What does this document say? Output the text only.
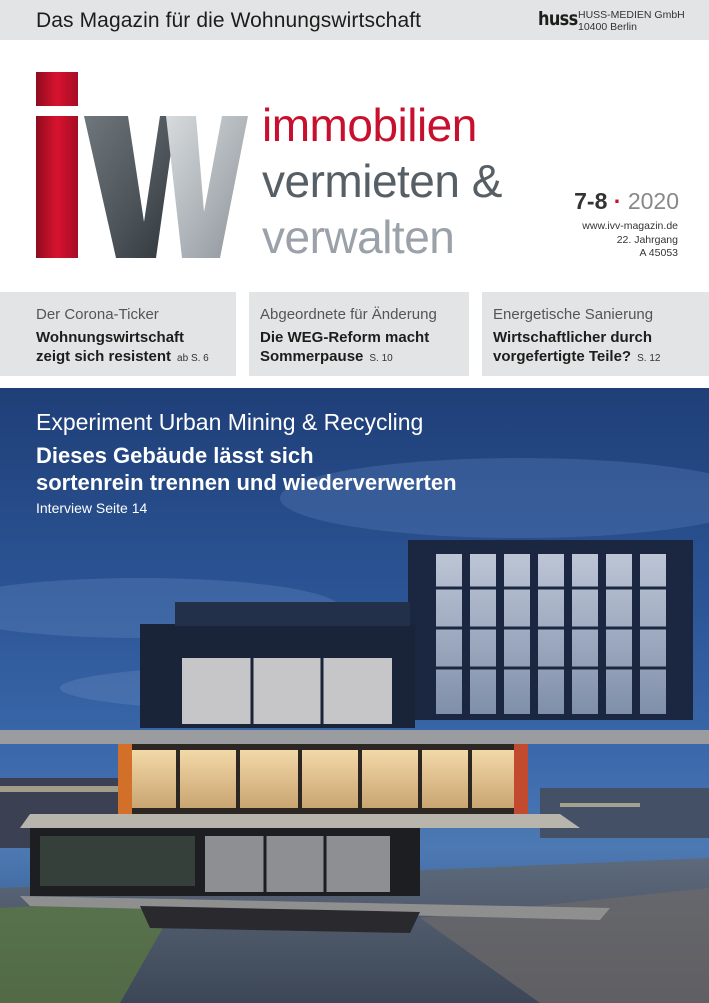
Das Magazin für die Wohnungswirtschaft	huss HUSS-MEDIEN GmbH
10400 Berlin
immobilien
vermieten &
verwalten
7-8 · 2020
www.ivv-magazin.de
22. Jahrgang
A 45053
Der Corona-Ticker
Wohnungswirtschaft
zeigt sich resistent ab S. 6
Abgeordnete für Änderung
Die WEG-Reform macht
Sommerpause S. 10
Energetische Sanierung
Wirtschaftlicher durch
vorgefertigte Teile? S. 12
Experiment Urban Mining & Recycling
Dieses Gebäude lässt sich
sortenrein trennen und wiederverwerten
Interview Seite 14
